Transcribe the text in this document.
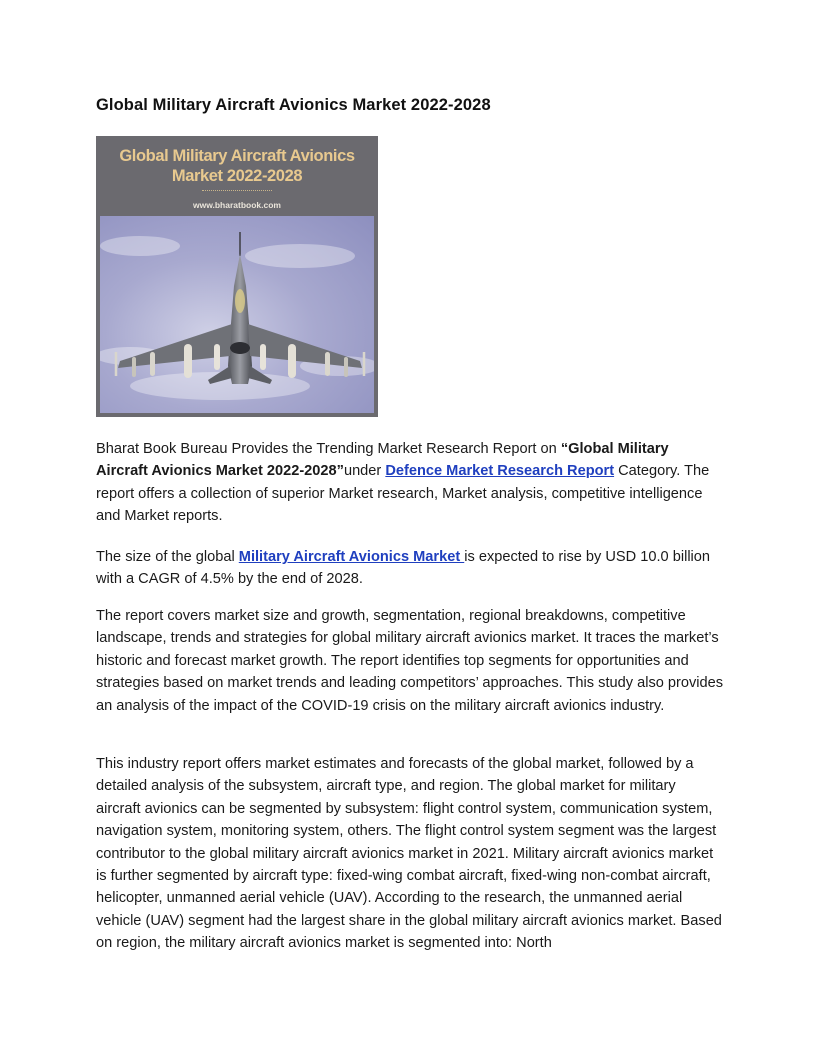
Global Military Aircraft Avionics Market 2022-2028
Global Military Aircraft Avionics
Market 2022-2028
www.bharatbook.com

Bharat Book Bureau Provides the Trending Market Research Report on “Global Military Aircraft Avionics Market 2022-2028”under Defence Market Research Report Category. The report offers a collection of superior Market research, Market analysis, competitive intelligence and Market reports.

The size of the global Military Aircraft Avionics Market is expected to rise by USD 10.0 billion with a CAGR of 4.5% by the end of 2028.

The report covers market size and growth, segmentation, regional breakdowns, competitive landscape, trends and strategies for global military aircraft avionics market. It traces the market’s historic and forecast market growth. The report identifies top segments for opportunities and strategies based on market trends and leading competitors’ approaches. This study also provides an analysis of the impact of the COVID-19 crisis on the military aircraft avionics industry.

This industry report offers market estimates and forecasts of the global market, followed by a detailed analysis of the subsystem, aircraft type, and region. The global market for military aircraft avionics can be segmented by subsystem: flight control system, communication system, navigation system, monitoring system, others. The flight control system segment was the largest contributor to the global military aircraft avionics market in 2021. Military aircraft avionics market is further segmented by aircraft type: fixed-wing combat aircraft, fixed-wing non-combat aircraft, helicopter, unmanned aerial vehicle (UAV). According to the research, the unmanned aerial vehicle (UAV) segment had the largest share in the global military aircraft avionics market. Based on region, the military aircraft avionics market is segmented into: North
